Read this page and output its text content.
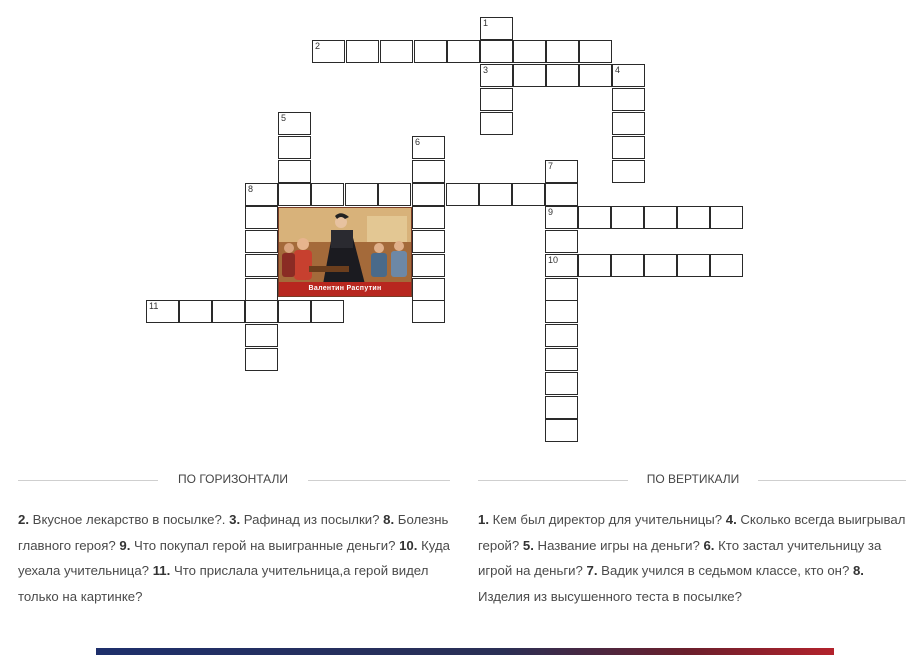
1
2
3	4
5
6
7
8
9
10
11
Валентин Распутин
ПО ГОРИЗОНТАЛИ	ПО ВЕРТИКАЛИ
2. Вкусное лекарство в посылке?. 3. Рафинад из посылки? 8. Болезнь главного героя? 9. Что покупал герой на выигранные деньги? 10. Куда уехала учительница? 11. Что прислала учительница,а герой видел только на картинке?
1. Кем был директор для учительницы? 4. Сколько всегда выигрывал герой? 5. Название игры на деньги? 6. Кто застал учительницу за игрой на деньги? 7. Вадик учился в седьмом классе, кто он? 8. Изделия из высушенного теста в посылке?
